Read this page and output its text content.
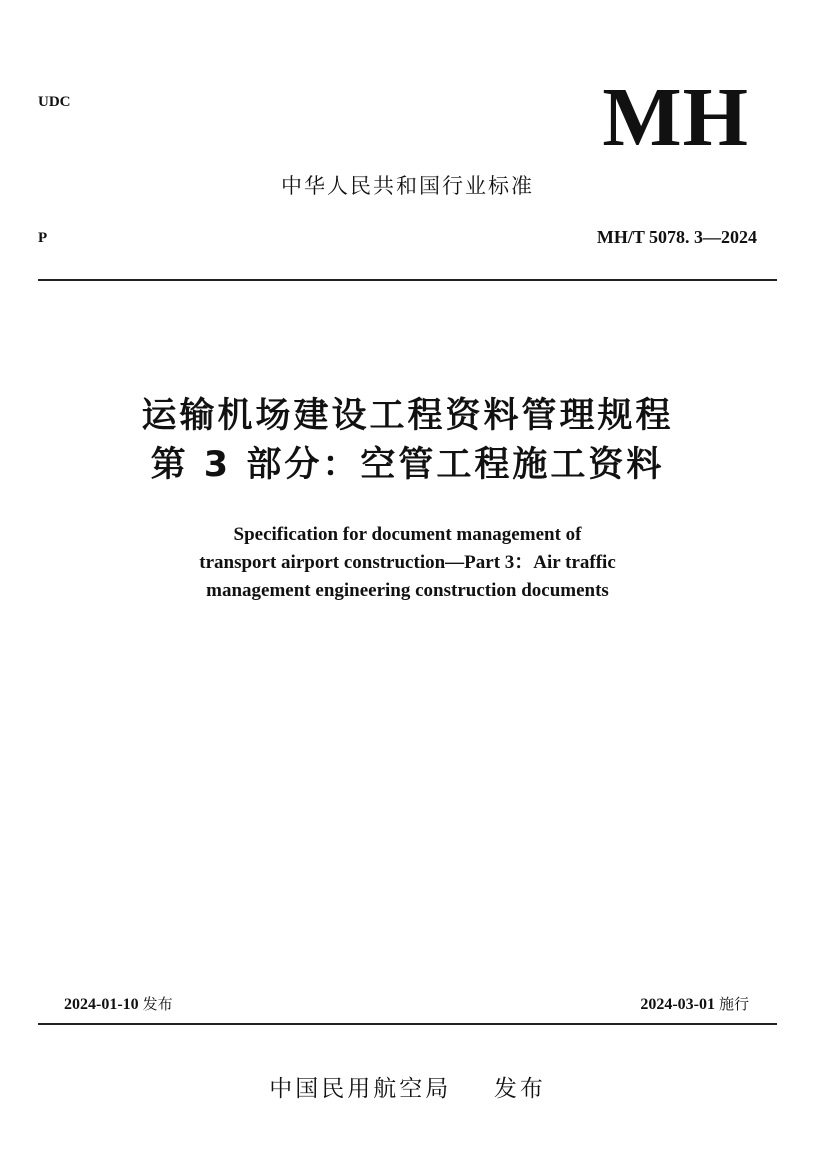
UDC	MH
中华人民共和国行业标准
P	MH/T 5078. 3—2024
运输机场建设工程资料管理规程
第 3 部分：空管工程施工资料
Specification for document management of
transport airport construction—Part 3：Air traffic
management engineering construction documents
2024-01-10 发布	2024-03-01 施行
中国民用航空局 发布
